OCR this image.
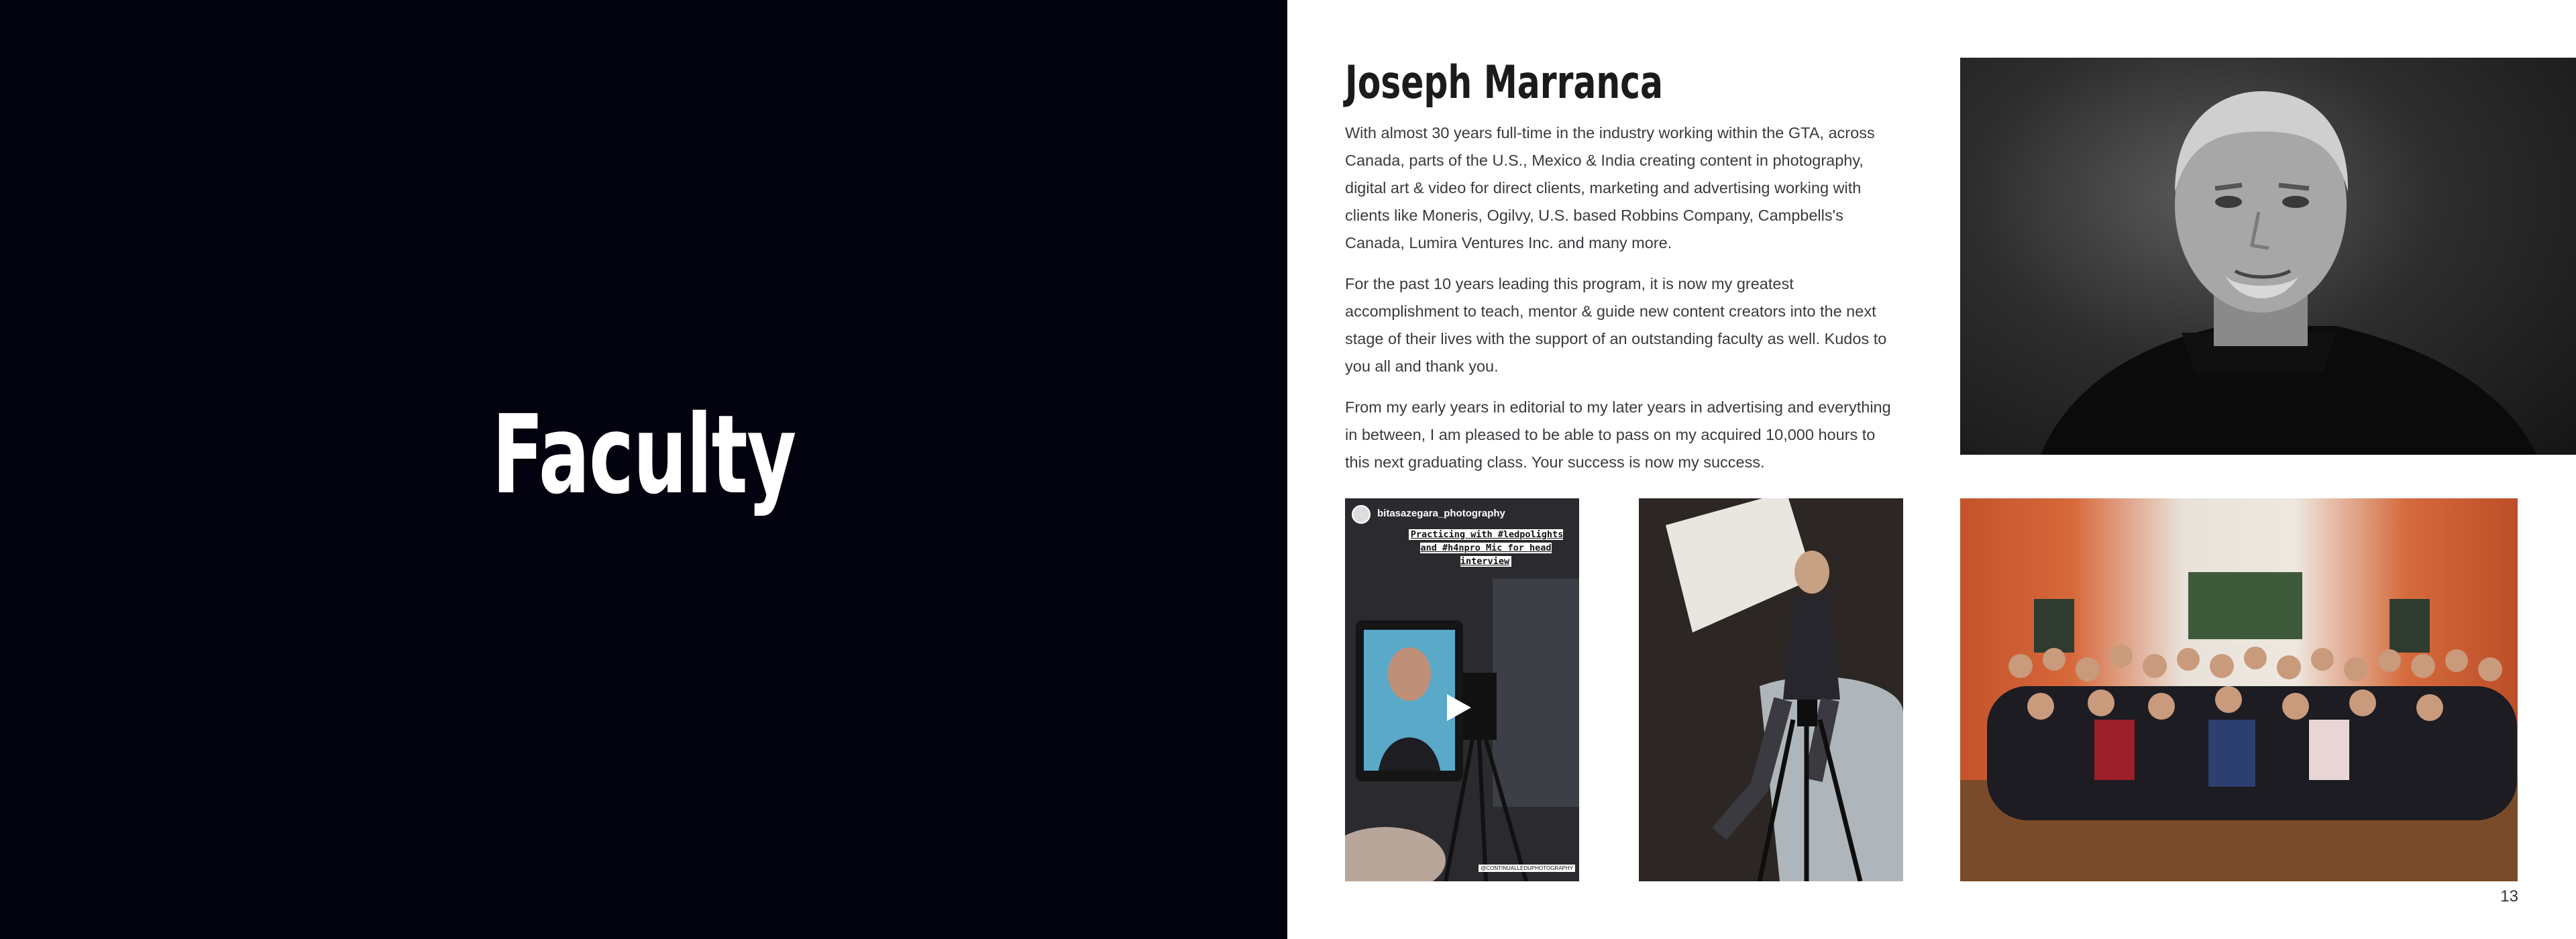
Faculty
Joseph Marranca

With almost 30 years full-time in the industry working within the GTA, across Canada, parts of the U.S., Mexico & India creating content in photography, digital art & video for direct clients, marketing and advertising working with clients like Moneris, Ogilvy, U.S. based Robbins Company, Campbells's Canada, Lumira Ventures Inc. and many more.

For the past 10 years leading this program, it is now my greatest accomplishment to teach, mentor & guide new content creators into the next stage of their lives with the support of an outstanding faculty as well. Kudos to you all and thank you.

From my early years in editorial to my later years in advertising and everything in between, I am pleased to be able to pass on my acquired 10,000 hours to this next graduating class. Your success is now my success.

bitasazegara_photography
Practicing with #ledpolights and #h4npro Mic for head interview
@CONTINUALLEDUPHOTOGRAPHY
13
